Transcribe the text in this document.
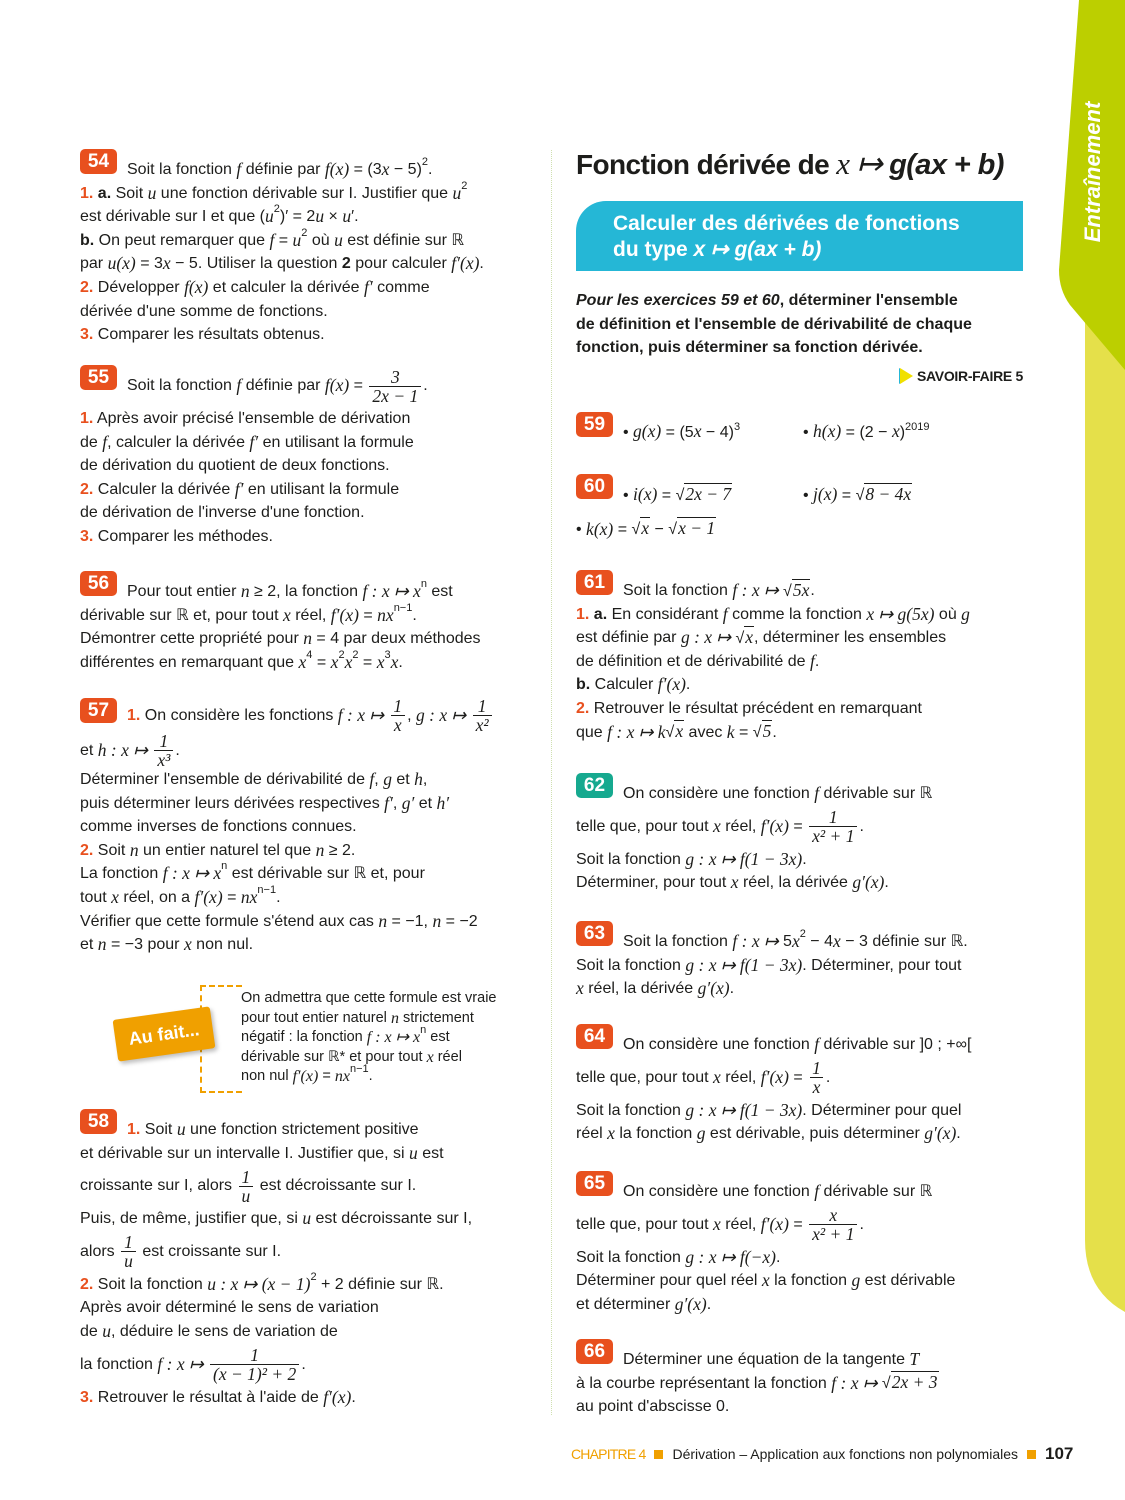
Entraînement
Fonction dérivée de x ↦ g(ax + b)
Calculer des dérivées de fonctions
du type x ↦ g(ax + b)
Pour les exercices 59 et 60, déterminer l'ensemble
de définition et l'ensemble de dérivabilité de chaque
fonction, puis déterminer sa fonction dérivée.
SAVOIR-FAIRE 5
54	Soit la fonction f définie par f(x) = (3 x − 5) 2 .
1.
a. Soit u une fonction dérivable sur I. Justifier que u 2
est dérivable sur I et que ( u 2 )′ = 2 u × u ′.
b. On peut remarquer que f = u 2 où u est définie sur ℝ
par u(x) = 3 x − 5. Utiliser la question 2 pour calculer f′(x) .
2. Développer f(x) et calculer la dérivée f′ comme
dérivée d'une somme de fonctions.
3. Comparer les résultats obtenus.
55	Soit la fonction f définie par $f(x) = \frac{3}{2x - 1}$ .
1. Après avoir précisé l'ensemble de dérivation
de f , calculer la dérivée f′ en utilisant la formule
de dérivation du quotient de deux fonctions.
2. Calculer la dérivée f′ en utilisant la formule
de dérivation de l'inverse d'une fonction.
3. Comparer les méthodes.
56	Pour tout entier n ≥ 2, la fonction f : x ↦ x n est
dérivable sur ℝ et, pour tout x réel, f′(x) = nx n−1 .
Démontrer cette propriété pour n = 4 par deux méthodes
différentes en remarquant que x 4 = x 2 x 2 = x 3 x .
57	1. On considère les fonctions f : x ↦ $\frac{1}{x}$ , g : x ↦ $\frac{1}{\text{x²}}$
et h : x ↦ $\frac{1}{\text{x³}}$ .
Déterminer l'ensemble de dérivabilité de f , g et h ,
puis déterminer leurs dérivées respectives f′ , g′ et h′
comme inverses de fonctions connues.
2. Soit n un entier naturel tel que n ≥ 2.
La fonction f : x ↦ x n est dérivable sur ℝ et, pour
tout x réel, on a f′(x) = nx n−1 .
Vérifier que cette formule s'étend aux cas n = −1, n = −2
et n = −3 pour x non nul.
58	1. Soit u une fonction strictement positive
et dérivable sur un intervalle I. Justifier que, si u est
croissante sur I, alors $\frac{1}{u}$ est décroissante sur I.
Puis, de même, justifier que, si u est décroissante sur I,
alors $\frac{1}{u}$ est croissante sur I.
2. Soit la fonction u : x ↦ (x − 1) 2 + 2 définie sur ℝ.
Après avoir déterminé le sens de variation
de u , déduire le sens de variation de
la fonction f : x ↦ $\frac{1}{\text{(x − 1)² + 2}}$ .
3. Retrouver le résultat à l'aide de f′(x) .
59	• $g(x) = (5x - 4)^3$	• $h(x) = (2 - x)^{2019}$
60	• i(x) = √2x − 7	• j(x) = √8 − 4x
• k(x) = √x − √x − 1
61	Soit la fonction f : x ↦ √5x .
1.
a. En considérant f comme la fonction x ↦ g(5x) où g
est définie par g : x ↦ √x , déterminer les ensembles
de définition et de dérivabilité de f .
b. Calculer f′(x) .
2. Retrouver le résultat précédent en remarquant
que f : x ↦ k √x avec k = √5 .
62	On considère une fonction f dérivable sur ℝ
telle que, pour tout x réel, $f'(x) = \frac{1}{\text{x² + 1}}$ .
Soit la fonction g : x ↦ f(1 − 3x) .
Déterminer, pour tout x réel, la dérivée g′(x) .
63	Soit la fonction f : x ↦ 5 x 2 − 4 x − 3 définie sur ℝ.
Soit la fonction g : x ↦ f(1 − 3x) . Déterminer, pour tout
x réel, la dérivée g′(x) .
64	On considère une fonction f dérivable sur ]0 ; +∞[
telle que, pour tout x réel, $f'(x) = \frac{1}{x}$ .
Soit la fonction g : x ↦ f(1 − 3x) . Déterminer pour quel
réel x la fonction g est dérivable, puis déterminer g′(x) .
65	On considère une fonction f dérivable sur ℝ
telle que, pour tout x réel, $f'(x) = \frac{x}{\text{x² + 1}}$ .
Soit la fonction g : x ↦ f(−x) .
Déterminer pour quel réel x la fonction g est dérivable
et déterminer g′(x) .
66	Déterminer une équation de la tangente T
à la courbe représentant la fonction f : x ↦ √2x + 3
au point d'abscisse 0.
Au fait...
On admettra que cette formule est vraie
pour tout entier naturel n strictement
négatif : la fonction f : x ↦ x n est
dérivable sur ℝ* et pour tout x réel
non nul f′(x) = nx n−1 .
CHAPITRE 4 Dérivation – Application aux fonctions non polynomiales 107
